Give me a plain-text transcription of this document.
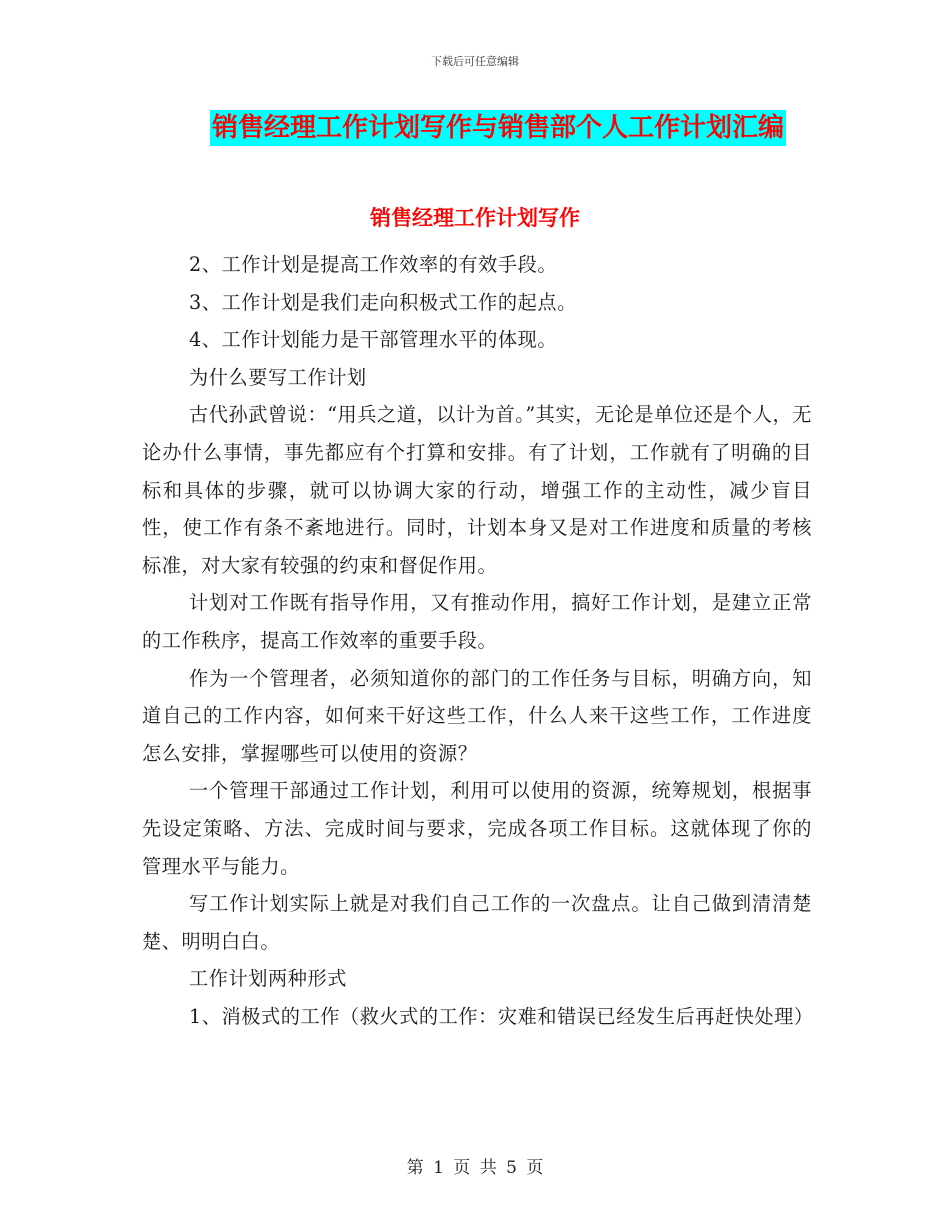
下载后可任意编辑
销售经理工作计划写作与销售部个人工作计划汇编
销售经理工作计划写作

2、工作计划是提高工作效率的有效手段。

3、工作计划是我们走向积极式工作的起点。

4、工作计划能力是干部管理水平的体现。

为什么要写工作计划

古代孙武曾说：“用兵之道，以计为首。”其实，无论是单位还是个人，无论办什么事情，事先都应有个打算和安排。有了计划，工作就有了明确的目标和具体的步骤，就可以协调大家的行动，增强工作的主动性，减少盲目性，使工作有条不紊地进行。同时，计划本身又是对工作进度和质量的考核标准，对大家有较强的约束和督促作用。

计划对工作既有指导作用，又有推动作用，搞好工作计划，是建立正常的工作秩序，提高工作效率的重要手段。

作为一个管理者，必须知道你的部门的工作任务与目标，明确方向，知道自己的工作内容，如何来干好这些工作，什么人来干这些工作，工作进度怎么安排，掌握哪些可以使用的资源？

一个管理干部通过工作计划，利用可以使用的资源，统筹规划，根据事先设定策略、方法、完成时间与要求，完成各项工作目标。这就体现了你的管理水平与能力。

写工作计划实际上就是对我们自己工作的一次盘点。让自己做到清清楚楚、明明白白。

工作计划两种形式

1、消极式的工作（救火式的工作：灾难和错误已经发生后再赶快处理）

第 1 页 共 5 页
